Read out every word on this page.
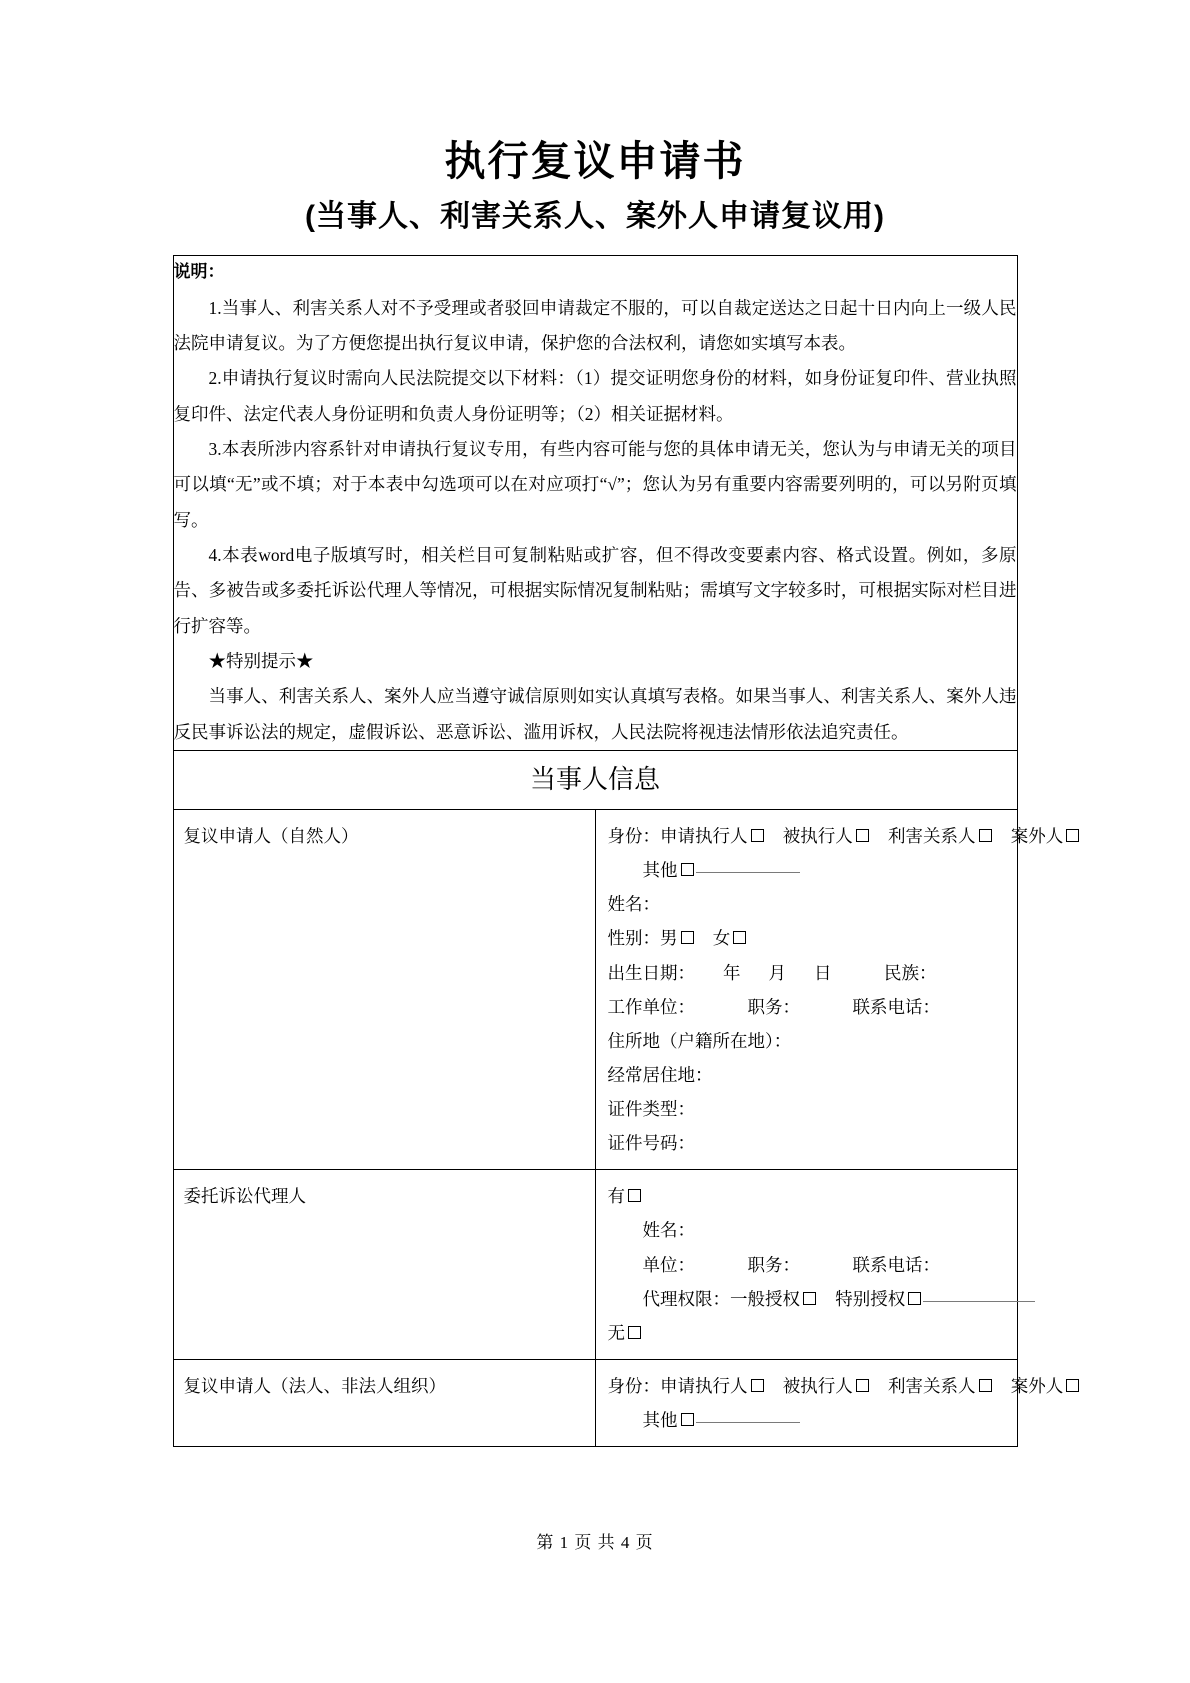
执行复议申请书
(当事人、利害关系人、案外人申请复议用)
说明：

1.当事人、利害关系人对不予受理或者驳回申请裁定不服的，可以自裁定送达之日起十日内向上一级人民法院申请复议。为了方便您提出执行复议申请，保护您的合法权利，请您如实填写本表。

2.申请执行复议时需向人民法院提交以下材料：（1）提交证明您身份的材料，如身份证复印件、营业执照复印件、法定代表人身份证明和负责人身份证明等；（2）相关证据材料。

3.本表所涉内容系针对申请执行复议专用，有些内容可能与您的具体申请无关，您认为与申请无关的项目可以填“无”或不填；对于本表中勾选项可以在对应项打“√”；您认为另有重要内容需要列明的，可以另附页填写。

4.本表word电子版填写时，相关栏目可复制粘贴或扩容，但不得改变要素内容、格式设置。例如，多原告、多被告或多委托诉讼代理人等情况，可根据实际情况复制粘贴；需填写文字较多时，可根据实际对栏目进行扩容等。

★特别提示★

当事人、利害关系人、案外人应当遵守诚信原则如实认真填写表格。如果当事人、利害关系人、案外人违反民事诉讼法的规定，虚假诉讼、恶意诉讼、滥用诉权，人民法院将视违法情形依法追究责任。

当事人信息	
复议申请人（自然人）	身份：申请执行人 被执行人 利害关系人 案外人
其他
姓名：
性别：男 女
出生日期： 年 月 日	民族：
工作单位：	职务：	联系电话：
住所地（户籍所在地）：
经常居住地：
证件类型：
证件号码：

委托诉讼代理人	有
姓名：
单位： 职务： 联系电话：
代理权限：一般授权 特别授权
无

复议申请人（法人、非法人组织）	身份：申请执行人 被执行人 利害关系人 案外人
其他
第 1 页 共 4 页
